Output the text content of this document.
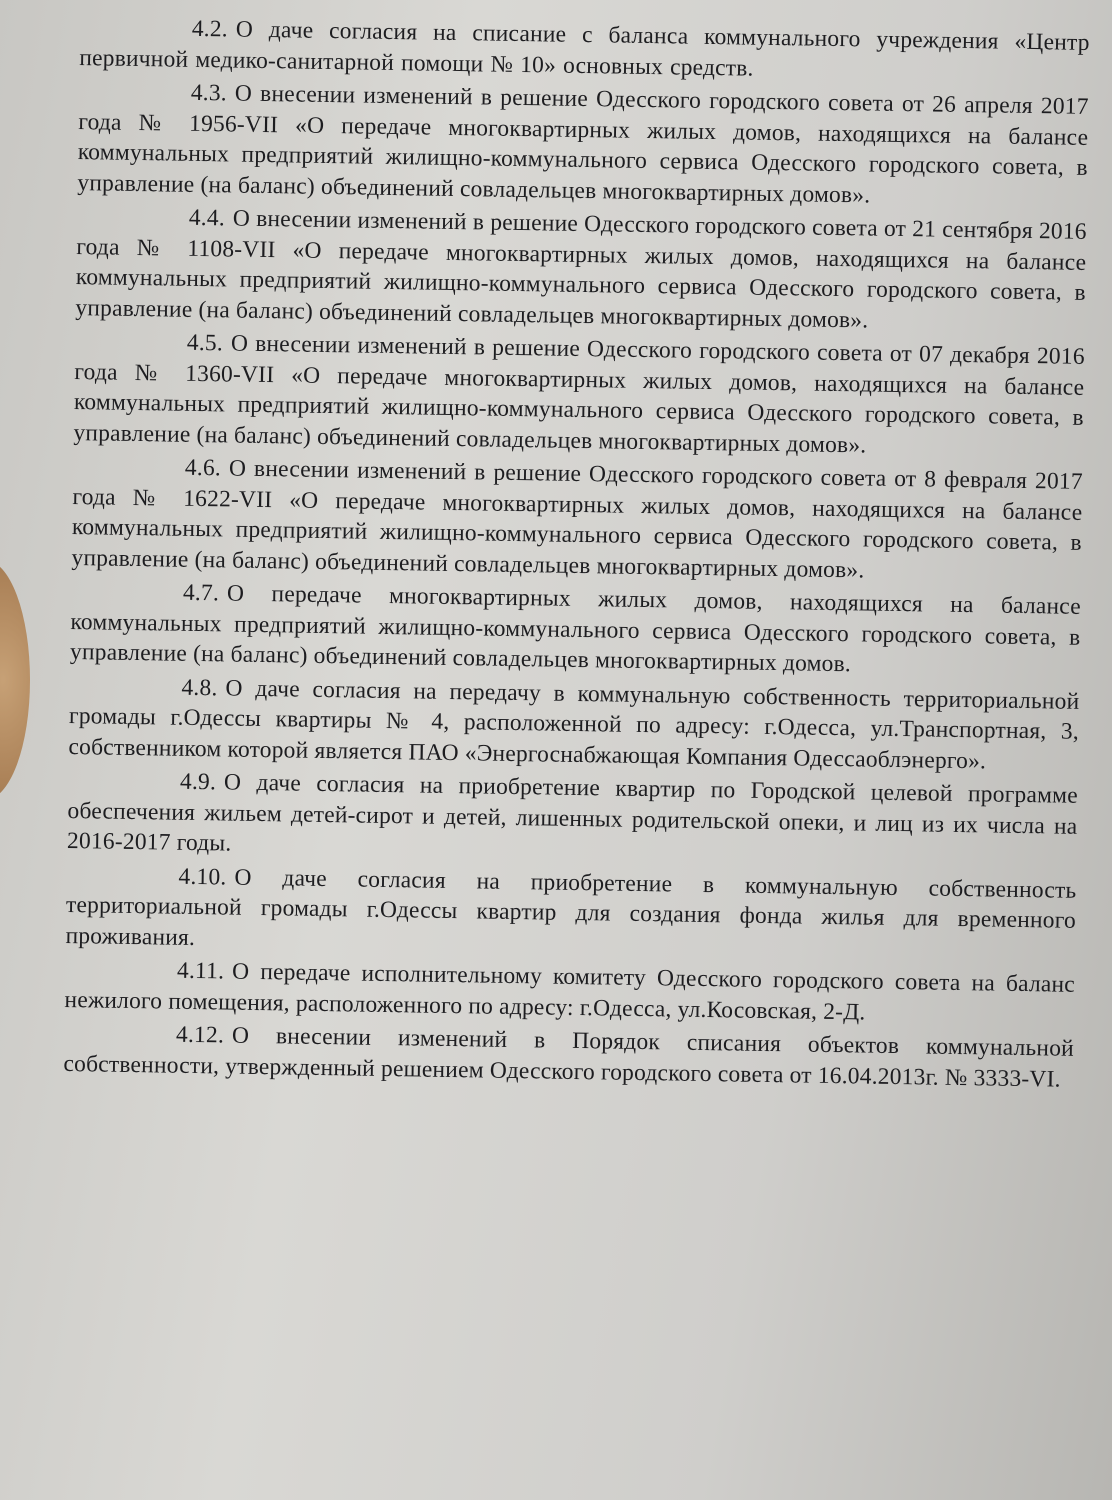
4.2. О даче согласия на списание с баланса коммунального учреждения «Центр первичной медико-санитарной помощи № 10» основных средств.
4.3. О внесении изменений в решение Одесского городского совета от 26 апреля 2017 года № 1956-VII «О передаче многоквартирных жилых домов, находящихся на балансе коммунальных предприятий жилищно-коммунального сервиса Одесского городского совета, в управление (на баланс) объединений совладельцев многоквартирных домов».
4.4. О внесении изменений в решение Одесского городского совета от 21 сентября 2016 года № 1108-VII «О передаче многоквартирных жилых домов, находящихся на балансе коммунальных предприятий жилищно-коммунального сервиса Одесского городского совета, в управление (на баланс) объединений совладельцев многоквартирных домов».
4.5. О внесении изменений в решение Одесского городского совета от 07 декабря 2016 года № 1360-VII «О передаче многоквартирных жилых домов, находящихся на балансе коммунальных предприятий жилищно-коммунального сервиса Одесского городского совета, в управление (на баланс) объединений совладельцев многоквартирных домов».
4.6. О внесении изменений в решение Одесского городского совета от 8 февраля 2017 года № 1622-VII «О передаче многоквартирных жилых домов, находящихся на балансе коммунальных предприятий жилищно-коммунального сервиса Одесского городского совета, в управление (на баланс) объединений совладельцев многоквартирных домов».
4.7. О передаче многоквартирных жилых домов, находящихся на балансе коммунальных предприятий жилищно-коммунального сервиса Одесского городского совета, в управление (на баланс) объединений совладельцев многоквартирных домов.
4.8. О даче согласия на передачу в коммунальную собственность территориальной громады г.Одессы квартиры № 4, расположенной по адресу: г.Одесса, ул.Транспортная, 3, собственником которой является ПАО «Энергоснабжающая Компания Одессаоблэнерго».
4.9. О даче согласия на приобретение квартир по Городской целевой программе обеспечения жильем детей-сирот и детей, лишенных родительской опеки, и лиц из их числа на 2016-2017 годы.
4.10. О даче согласия на приобретение в коммунальную собственность территориальной громады г.Одессы квартир для создания фонда жилья для временного проживания.
4.11. О передаче исполнительному комитету Одесского городского совета на баланс нежилого помещения, расположенного по адресу: г.Одесса, ул.Косовская, 2-Д.
4.12. О внесении изменений в Порядок списания объектов коммунальной собственности, утвержденный решением Одесского городского совета от 16.04.2013г. № 3333-VI.
